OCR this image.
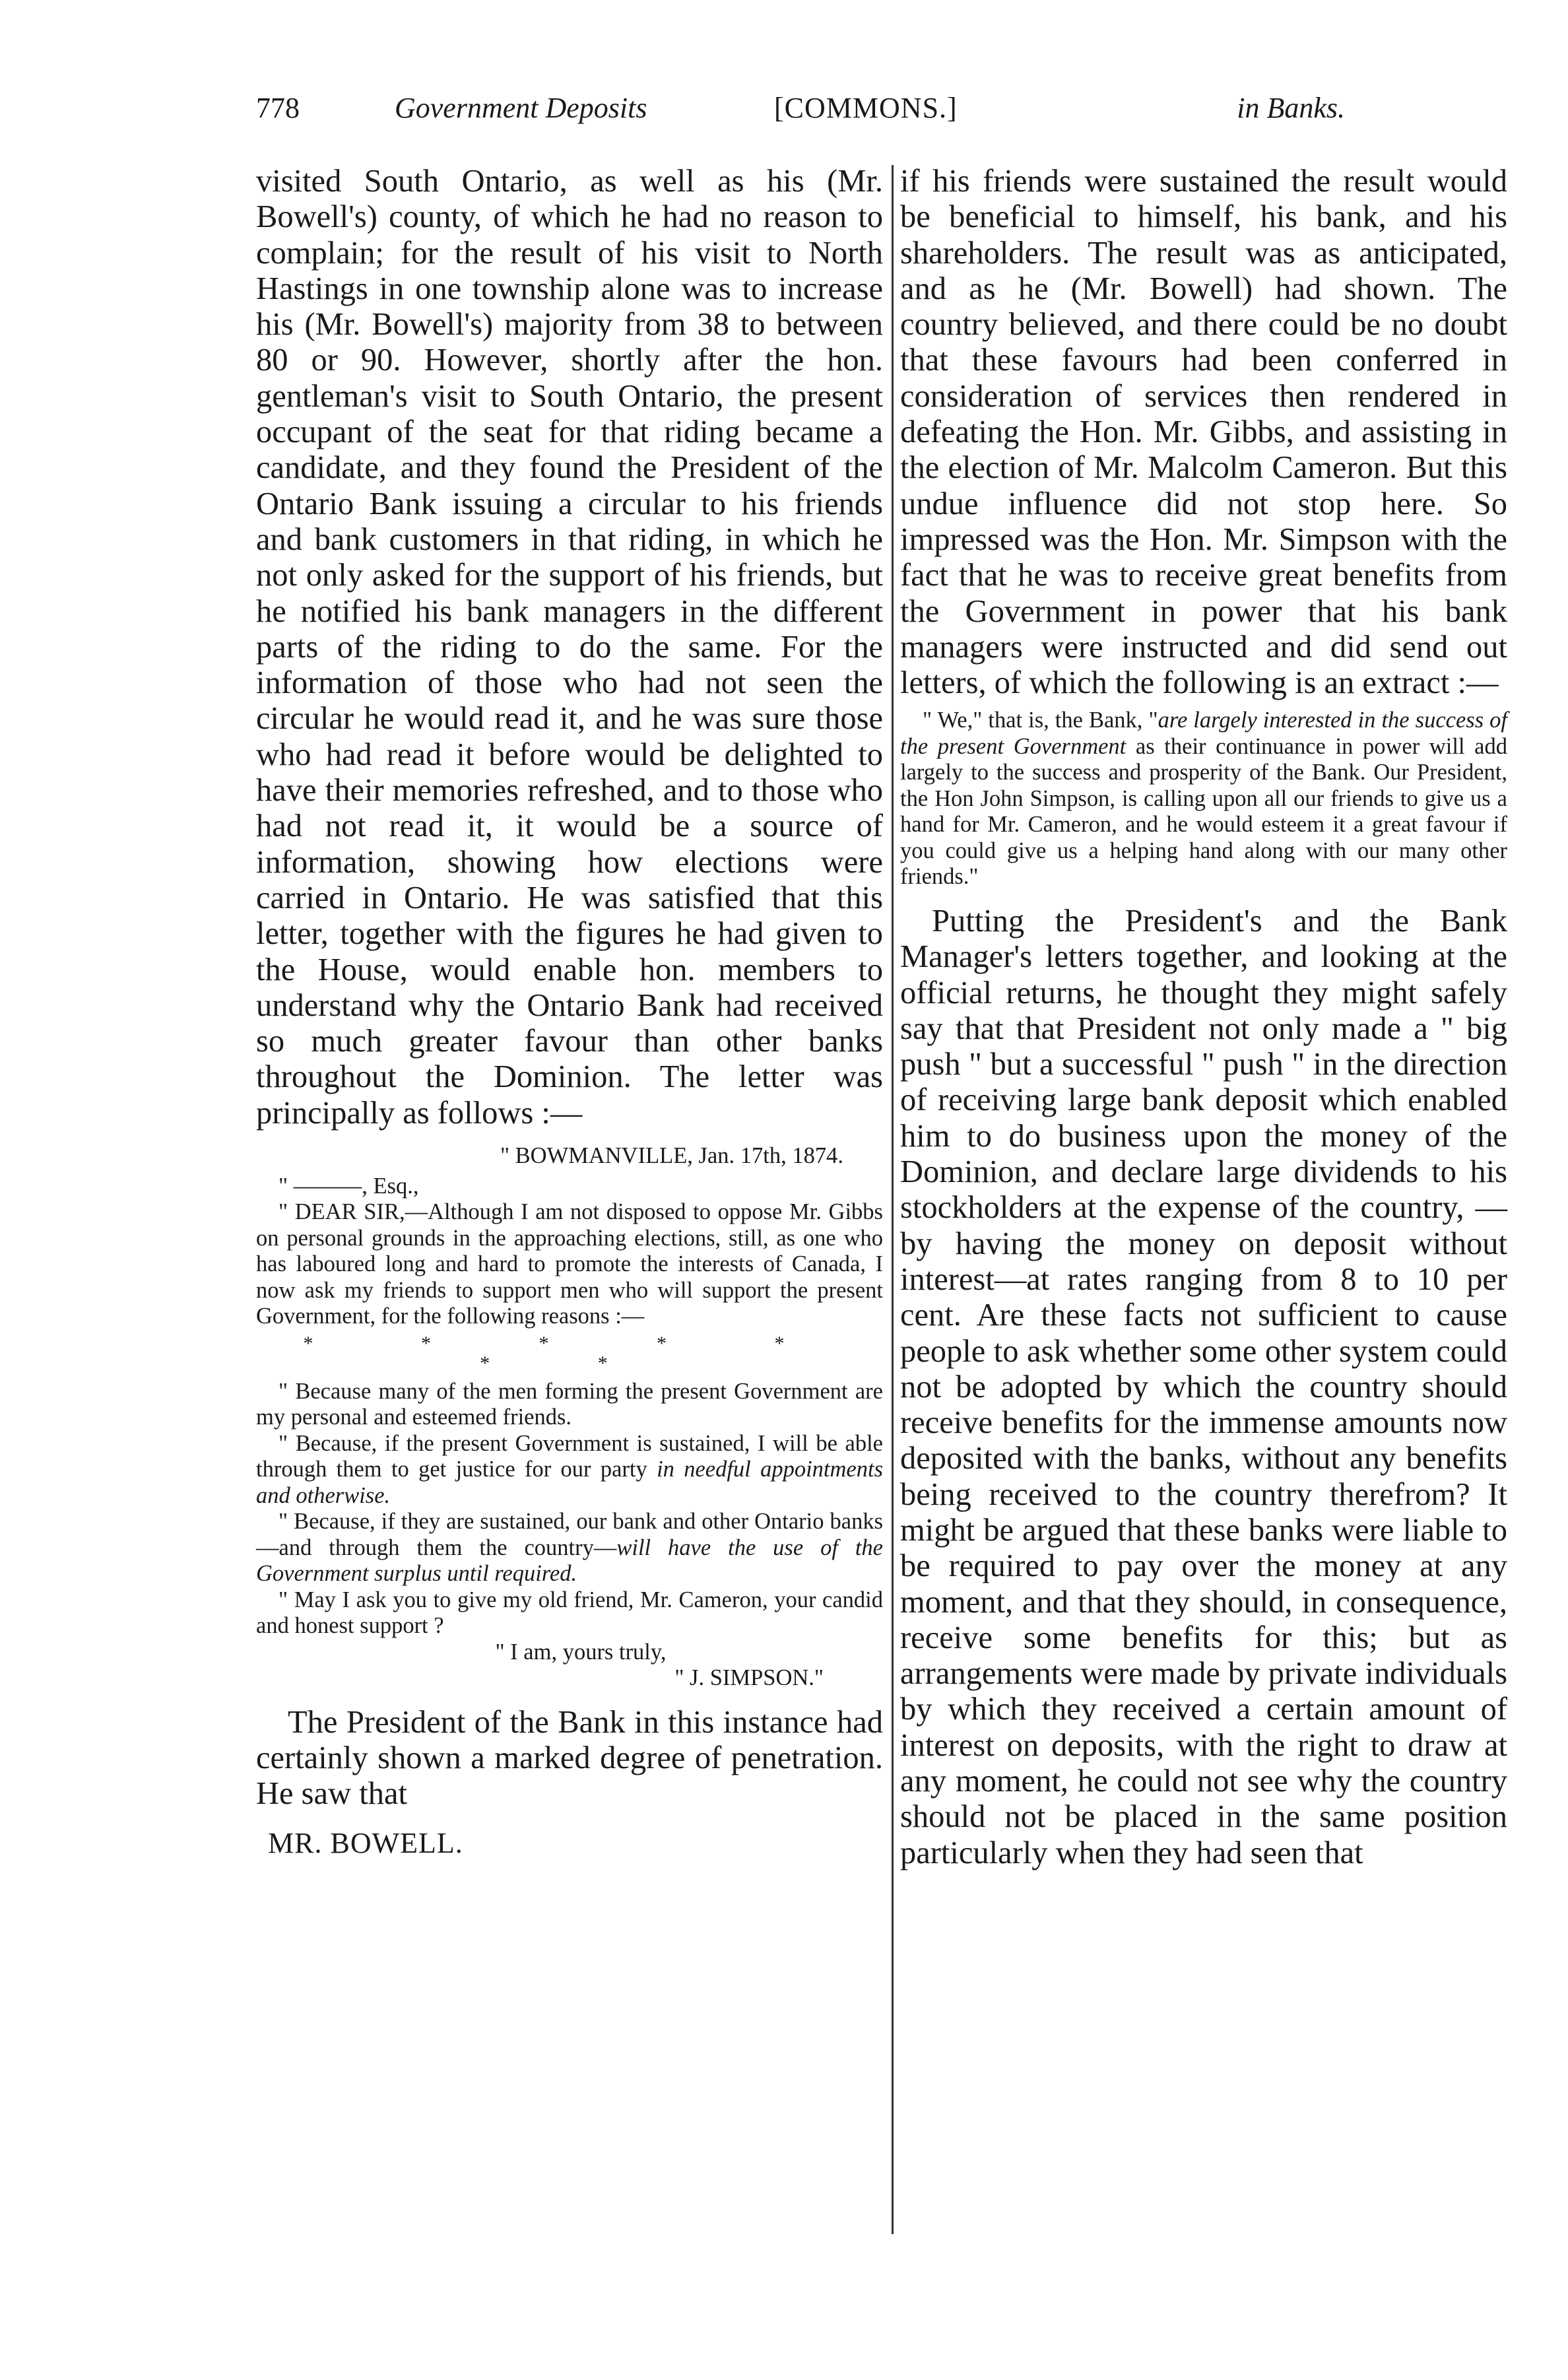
778	Government Deposits	[COMMONS.]	in Banks.

visited South Ontario, as well as his (Mr. Bowell's) county, of which he had no reason to complain; for the result of his visit to North Hastings in one township alone was to increase his (Mr. Bowell's) majority from 38 to between 80 or 90. However, shortly after the hon. gentleman's visit to South Ontario, the present occupant of the seat for that riding became a candidate, and they found the President of the Ontario Bank issuing a circular to his friends and bank customers in that riding, in which he not only asked for the support of his friends, but he notified his bank managers in the different parts of the riding to do the same. For the information of those who had not seen the circular he would read it, and he was sure those who had read it before would be delighted to have their memories refreshed, and to those who had not read it, it would be a source of information, showing how elections were carried in Ontario. He was satisfied that this letter, together with the figures he had given to the House, would enable hon. members to understand why the Ontario Bank had received so much greater favour than other banks throughout the Dominion. The letter was principally as follows :—

" BOWMANVILLE, Jan. 17th, 1874.

" ———, Esq.,

" DEAR SIR,—Although I am not disposed to oppose Mr. Gibbs on personal grounds in the approaching elections, still, as one who has laboured long and hard to promote the interests of Canada, I now ask my friends to support men who will support the present Government, for the following reasons :—

* * * * * * *

" Because many of the men forming the present Government are my personal and esteemed friends.

" Because, if the present Government is sustained, I will be able through them to get justice for our party in needful appointments and otherwise.

" Because, if they are sustained, our bank and other Ontario banks—and through them the country—will have the use of the Government surplus until required.

" May I ask you to give my old friend, Mr. Cameron, your candid and honest support ?

" I am, yours truly,

" J. SIMPSON."

The President of the Bank in this instance had certainly shown a marked degree of penetration. He saw that

MR. BOWELL.

if his friends were sustained the result would be beneficial to himself, his bank, and his shareholders. The result was as anticipated, and as he (Mr. Bowell) had shown. The country believed, and there could be no doubt that these favours had been conferred in consideration of services then rendered in defeating the Hon. Mr. Gibbs, and assisting in the election of Mr. Malcolm Cameron. But this undue influence did not stop here. So impressed was the Hon. Mr. Simpson with the fact that he was to receive great benefits from the Government in power that his bank managers were instructed and did send out letters, of which the following is an extract :—

" We," that is, the Bank, "are largely interested in the success of the present Government as their continuance in power will add largely to the success and prosperity of the Bank. Our President, the Hon John Simpson, is calling upon all our friends to give us a hand for Mr. Cameron, and he would esteem it a great favour if you could give us a helping hand along with our many other friends."

Putting the President's and the Bank Manager's letters together, and looking at the official returns, he thought they might safely say that that President not only made a " big push " but a successful " push " in the direction of receiving large bank deposit which enabled him to do business upon the money of the Dominion, and declare large dividends to his stockholders at the expense of the country, —by having the money on deposit without interest—at rates ranging from 8 to 10 per cent. Are these facts not sufficient to cause people to ask whether some other system could not be adopted by which the country should receive benefits for the immense amounts now deposited with the banks, without any benefits being received to the country therefrom? It might be argued that these banks were liable to be required to pay over the money at any moment, and that they should, in consequence, receive some benefits for this; but as arrangements were made by private individuals by which they received a certain amount of interest on deposits, with the right to draw at any moment, he could not see why the country should not be placed in the same position particularly when they had seen that
